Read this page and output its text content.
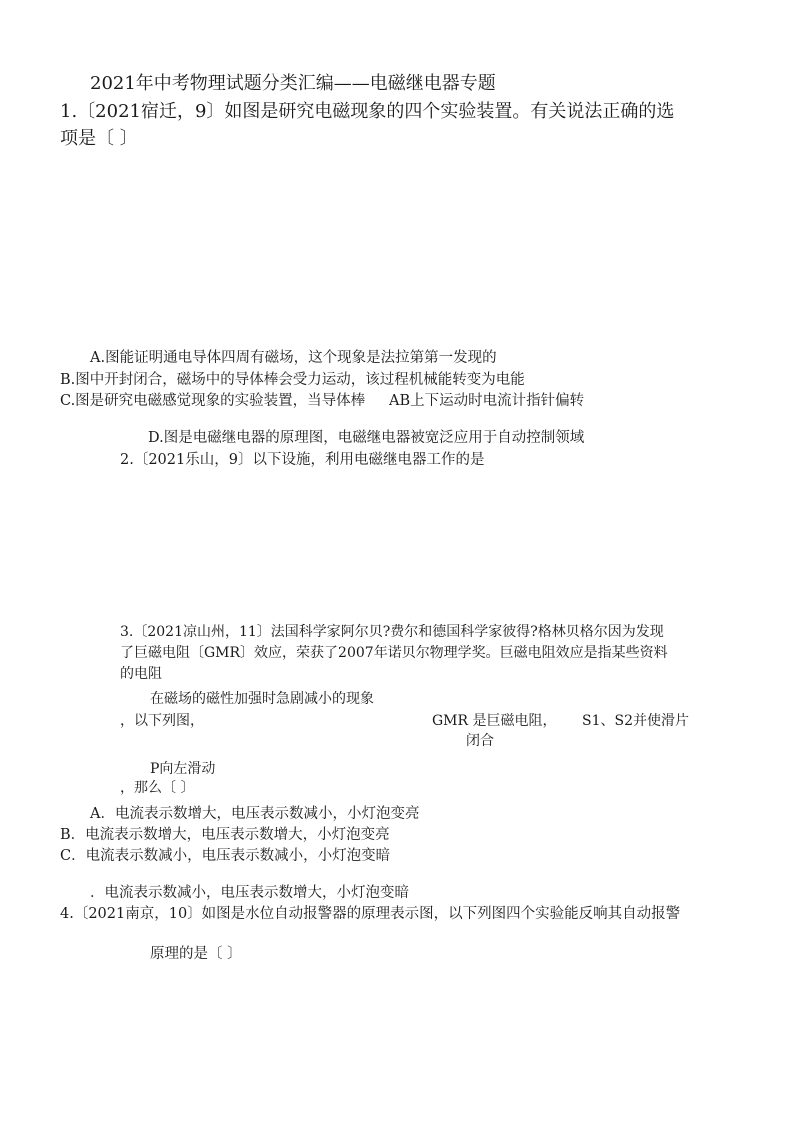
2021年中考物理试题分类汇编——电磁继电器专题
1.〔2021宿迁，9〕如图是研究电磁现象的四个实验装置。有关说法正确的选
项是〔 〕
A.图能证明通电导体四周有磁场，这个现象是法拉第第一发现的
B.图中开封闭合，磁场中的导体棒会受力运动，该过程机械能转变为电能
C.图是研究电磁感觉现象的实验装置，当导体棒 AB上下运动时电流计指针偏转
D.图是电磁继电器的原理图，电磁继电器被宽泛应用于自动控制领域
2.〔2021乐山，9〕以下设施，利用电磁继电器工作的是
3.〔2021凉山州，11〕法国科学家阿尔贝?费尔和德国科学家彼得?格林贝格尔因为发现
了巨磁电阻〔GMR〕效应，荣获了2007年诺贝尔物理学奖。巨磁电阻效应是指某些资料
的电阻
在磁场的磁性加强时急剧减小的现象
，以下列图，	GMR 是巨磁电阻， S1、S2并使滑片
闭合
P向左滑动
，那么〔 〕
A．电流表示数增大，电压表示数减小，小灯泡变亮
B．电流表示数增大，电压表示数增大，小灯泡变亮
C．电流表示数减小，电压表示数减小，小灯泡变暗
．电流表示数减小，电压表示数增大，小灯泡变暗
4.〔2021南京，10〕如图是水位自动报警器的原理表示图，以下列图四个实验能反响其自动报警
原理的是〔 〕
